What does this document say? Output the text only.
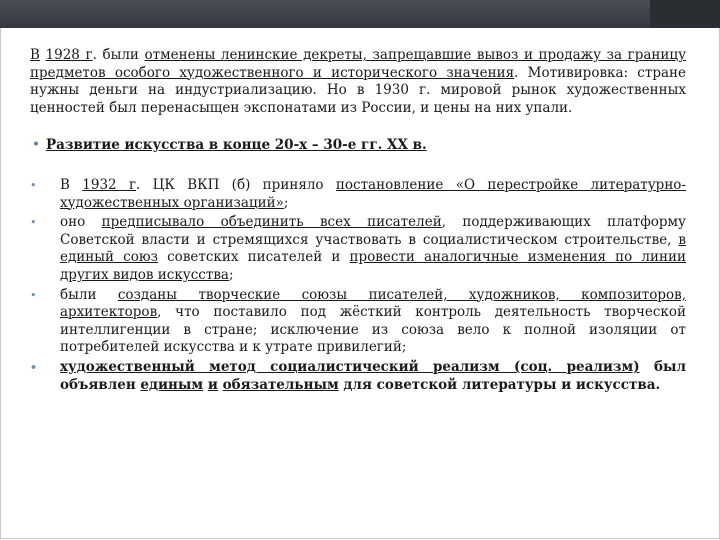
В 1928 г. были отменены ленинские декреты, запрещавшие вывоз и продажу за границу предметов особого художественного и исторического значения. Мотивировка: стране нужны деньги на индустриализацию. Но в 1930 г. мировой рынок художественных ценностей был перенасыщен экспонатами из России, и цены на них упали.

• Развитие искусства в конце 20-х – 30-е гг. XX в.
• В 1932 г. ЦК ВКП (б) приняло постановление «О перестройке литературно-художественных организаций»;
• оно предписывало объединить всех писателей, поддерживающих платформу Советской власти и стремящихся участвовать в социалистическом строительстве, в единый союз советских писателей и провести аналогичные изменения по линии других видов искусства;
• были созданы творческие союзы писателей, художников, композиторов, архитекторов, что поставило под жёсткий контроль деятельность творческой интеллигенции в стране; исключение из союза вело к полной изоляции от потребителей искусства и к утрате привилегий;
• художественный метод социалистический реализм (соц. реализм) был объявлен единым и обязательным для советской литературы и искусства.
